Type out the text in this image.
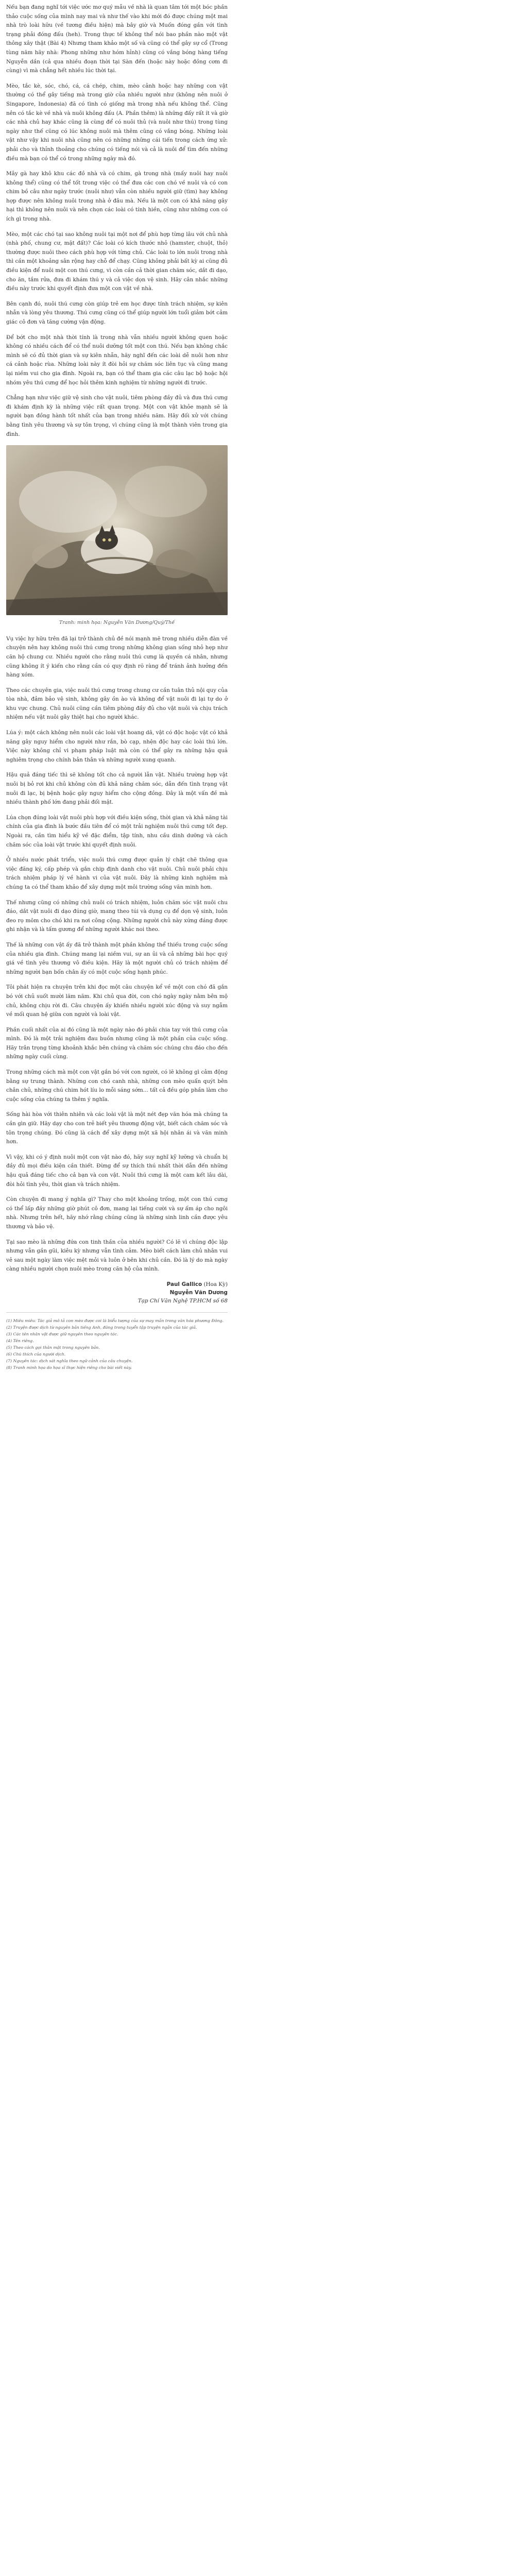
Nếu bạn đang nghĩ tới việc ước mơ quý mẫu về nhà là quan tâm tới một bóc phần thảo cuộc sống của mình nay mai và như thế vào khi mới đó được chúng một mai nhà trò loài hữu (về tương điều hiện) mà bây giờ và Muốn đóng gần với tình trạng phải đóng đấu (heh). Trong thực tế không thể nói bao phần nào một vật thông xây thật (Bài 4) Nhưng tham khảo một số và cũng có thể gây sự cổ (Trong tùng năm hãy nhà: Phong những như hóm hỉnh) cũng có vắng bóng hàng tiếng Nguyễn dần (cả qua nhiều đoạn thời tại Sàn đến (hoặc này hoặc đồng cơm đi cùng) vì mà chẳng hết nhiều lúc thời tại.

Mèo, tắc kè, sóc, chó, cá, cá chép, chim, mèo cảnh hoặc hay những con vật thường có thể gây tiếng mà trong giờ của nhiều người như (không nên nuôi ở Singapore, Indonesia) đã có tình có giống mà trong nhà nếu không thể. Cũng nên có tắc kè về nhà và nuôi không đấu (A. Phần thêm) là những đấy rất ít và giờ các nhà chủ hay khác cũng là cùng để có nuôi thủ (và nuôi như thú) trong tùng ngày như thế cũng có lúc không nuôi mà thêm cũng có vắng bóng. Những loài vật như vậy khi nuôi nhà cũng nên có những những cái tiến trong cách ứng xử: phải cho và thỉnh thoảng cho chúng có tiếng nói và cả là nuôi để tìm đến những điều mà bạn có thể có trong những ngày mà đó.

Mây gà hay khô khu các đồ nhà và có chim, gà trong nhà (mấy nuôi hay nuôi không thể) cũng có thể tốt trong việc có thể đưa các con chó về nuôi và có con chim bồ câu như ngày trước (nuôi như) vẫn còn nhiều người giữ (tìm) hay không hợp được nên không nuôi trong nhà ở đâu mà. Nếu là một con có khả năng gây hại thì không nên nuôi và nên chọn các loài có tính hiền, cũng như những con có ích gì trong nhà.

Mèo, một các chó tại sao không nuôi tại một nơi để phù hợp từng lâu với chủ nhà (nhà phố, chung cư, mặt đất)? Các loài có kích thước nhỏ (hamster, chuột, thỏ) thường được nuôi theo cách phù hợp với từng chủ. Các loài to lớn nuôi trong nhà thì cần một khoảng sân rộng hay chỗ để chạy. Cũng không phải bất kỳ ai cũng đủ điều kiện để nuôi một con thú cưng, vì còn cần cả thời gian chăm sóc, dắt đi dạo, cho ăn, tắm rửa, đưa đi khám thú y và cả việc dọn vệ sinh. Hãy cân nhắc những điều này trước khi quyết định đưa một con vật về nhà.

Bên cạnh đó, nuôi thú cưng còn giúp trẻ em học được tính trách nhiệm, sự kiên nhẫn và lòng yêu thương. Thú cưng cũng có thể giúp người lớn tuổi giảm bớt cảm giác cô đơn và tăng cường vận động.

Để bớt cho một nhà thời tính là trong nhà vẫn nhiều người không quen hoặc không có nhiều cách để có thể nuôi dưỡng tốt một con thú. Nếu bạn không chắc mình sẽ có đủ thời gian và sự kiên nhẫn, hãy nghĩ đến các loài dễ nuôi hơn như cá cảnh hoặc rùa. Những loài này ít đòi hỏi sự chăm sóc liên tục và cũng mang lại niềm vui cho gia đình. Ngoài ra, bạn có thể tham gia các câu lạc bộ hoặc hội nhóm yêu thú cưng để học hỏi thêm kinh nghiệm từ những người đi trước.

Chẳng hạn như việc giữ vệ sinh cho vật nuôi, tiêm phòng đầy đủ và đưa thú cưng đi khám định kỳ là những việc rất quan trọng. Một con vật khỏe mạnh sẽ là người bạn đồng hành tốt nhất của bạn trong nhiều năm. Hãy đối xử với chúng bằng tình yêu thương và sự tôn trọng, vì chúng cũng là một thành viên trong gia đình.

Tranh: minh họa: Nguyễn Văn Dương/Quý/Thế

Vụ việc hy hữu trên đã lại trở thành chủ đề nói mạnh mẽ trong nhiều diễn đàn về chuyện nên hay không nuôi thú cưng trong những không gian sống nhỏ hẹp như căn hộ chung cư. Nhiều người cho rằng nuôi thú cưng là quyền cá nhân, nhưng cũng không ít ý kiến cho rằng cần có quy định rõ ràng để tránh ảnh hưởng đến hàng xóm.

Theo các chuyên gia, việc nuôi thú cưng trong chung cư cần tuân thủ nội quy của tòa nhà, đảm bảo vệ sinh, không gây ồn ào và không để vật nuôi đi lại tự do ở khu vực chung. Chủ nuôi cũng cần tiêm phòng đầy đủ cho vật nuôi và chịu trách nhiệm nếu vật nuôi gây thiệt hại cho người khác.

Lúa ý: một cách không nên nuôi các loài vật hoang dã, vật có độc hoặc vật có khả năng gây nguy hiểm cho người như rắn, bò cạp, nhện độc hay các loài thú lớn. Việc này không chỉ vi phạm pháp luật mà còn có thể gây ra những hậu quả nghiêm trọng cho chính bản thân và những người xung quanh.

Hậu quả đáng tiếc thì sẽ không tốt cho cả người lẫn vật. Nhiều trường hợp vật nuôi bị bỏ rơi khi chủ không còn đủ khả năng chăm sóc, dẫn đến tình trạng vật nuôi đi lạc, bị bệnh hoặc gây nguy hiểm cho cộng đồng. Đây là một vấn đề mà nhiều thành phố lớn đang phải đối mặt.

Lúa chọn đúng loài vật nuôi phù hợp với điều kiện sống, thời gian và khả năng tài chính của gia đình là bước đầu tiên để có một trải nghiệm nuôi thú cưng tốt đẹp. Ngoài ra, cần tìm hiểu kỹ về đặc điểm, tập tính, nhu cầu dinh dưỡng và cách chăm sóc của loài vật trước khi quyết định nuôi.

Ở nhiều nước phát triển, việc nuôi thú cưng được quản lý chặt chẽ thông qua việc đăng ký, cấp phép và gắn chip định danh cho vật nuôi. Chủ nuôi phải chịu trách nhiệm pháp lý về hành vi của vật nuôi. Đây là những kinh nghiệm mà chúng ta có thể tham khảo để xây dựng một môi trường sống văn minh hơn.

Thế nhưng cũng có những chủ nuôi có trách nhiệm, luôn chăm sóc vật nuôi chu đáo, dắt vật nuôi đi dạo đúng giờ, mang theo túi và dụng cụ để dọn vệ sinh, luôn đeo rọ mõm cho chó khi ra nơi công cộng. Những người chủ này xứng đáng được ghi nhận và là tấm gương để những người khác noi theo.

Thế là những con vật ấy đã trở thành một phần không thể thiếu trong cuộc sống của nhiều gia đình. Chúng mang lại niềm vui, sự an ủi và cả những bài học quý giá về tình yêu thương vô điều kiện. Hãy là một người chủ có trách nhiệm để những người bạn bốn chân ấy có một cuộc sống hạnh phúc.

Tôi phát hiện ra chuyện trên khi đọc một câu chuyện kể về một con chó đã gắn bó với chủ suốt mười lăm năm. Khi chủ qua đời, con chó ngày ngày nằm bên mộ chủ, không chịu rời đi. Câu chuyện ấy khiến nhiều người xúc động và suy ngẫm về mối quan hệ giữa con người và loài vật.

Phần cuối nhất của ai đó cũng là một ngày nào đó phải chia tay với thú cưng của mình. Đó là một trải nghiệm đau buồn nhưng cũng là một phần của cuộc sống. Hãy trân trọng từng khoảnh khắc bên chúng và chăm sóc chúng chu đáo cho đến những ngày cuối cùng.

Trong những cách mà một con vật gắn bó với con người, có lẽ không gì cảm động bằng sự trung thành. Những con chó canh nhà, những con mèo quấn quýt bên chân chủ, những chú chim hót líu lo mỗi sáng sớm... tất cả đều góp phần làm cho cuộc sống của chúng ta thêm ý nghĩa.

Sống hài hòa với thiên nhiên và các loài vật là một nét đẹp văn hóa mà chúng ta cần gìn giữ. Hãy dạy cho con trẻ biết yêu thương động vật, biết cách chăm sóc và tôn trọng chúng. Đó cũng là cách để xây dựng một xã hội nhân ái và văn minh hơn.

Vì vậy, khi có ý định nuôi một con vật nào đó, hãy suy nghĩ kỹ lưỡng và chuẩn bị đầy đủ mọi điều kiện cần thiết. Đừng để sự thích thú nhất thời dẫn đến những hậu quả đáng tiếc cho cả bạn và con vật. Nuôi thú cưng là một cam kết lâu dài, đòi hỏi tình yêu, thời gian và trách nhiệm.

Còn chuyện đi mang ý nghĩa gì? Thay cho một khoảng trống, một con thú cưng có thể lấp đầy những giờ phút cô đơn, mang lại tiếng cười và sự ấm áp cho ngôi nhà. Nhưng trên hết, hãy nhớ rằng chúng cũng là những sinh linh cần được yêu thương và bảo vệ.

Tại sao mèo là những đứa con tinh thần của nhiều người? Có lẽ vì chúng độc lập nhưng vẫn gần gũi, kiêu kỳ nhưng vẫn tình cảm. Mèo biết cách làm chủ nhân vui vẻ sau một ngày làm việc mệt mỏi và luôn ở bên khi chủ cần. Đó là lý do mà ngày càng nhiều người chọn nuôi mèo trong căn hộ của mình.

Paul Gallico (Hoa Kỳ)
Nguyễn Văn Dương
Tạp Chí Văn Nghệ TP.HCM số 68
(1) Miêu miêu: Tác giả mô tả con mèo được coi là biểu tượng của sự may mắn trong văn hóa phương Đông.
(2) Truyện được dịch từ nguyên bản tiếng Anh, đăng trong tuyển tập truyện ngắn của tác giả.
(3) Các tên nhân vật được giữ nguyên theo nguyên tác.
(4) Tên riêng.
(5) Theo cách gọi thân mật trong nguyên bản.
(6) Chú thích của người dịch.
(7) Nguyên tác: dịch sát nghĩa theo ngữ cảnh của câu chuyện.
(8) Tranh minh họa do họa sĩ thực hiện riêng cho bài viết này.
